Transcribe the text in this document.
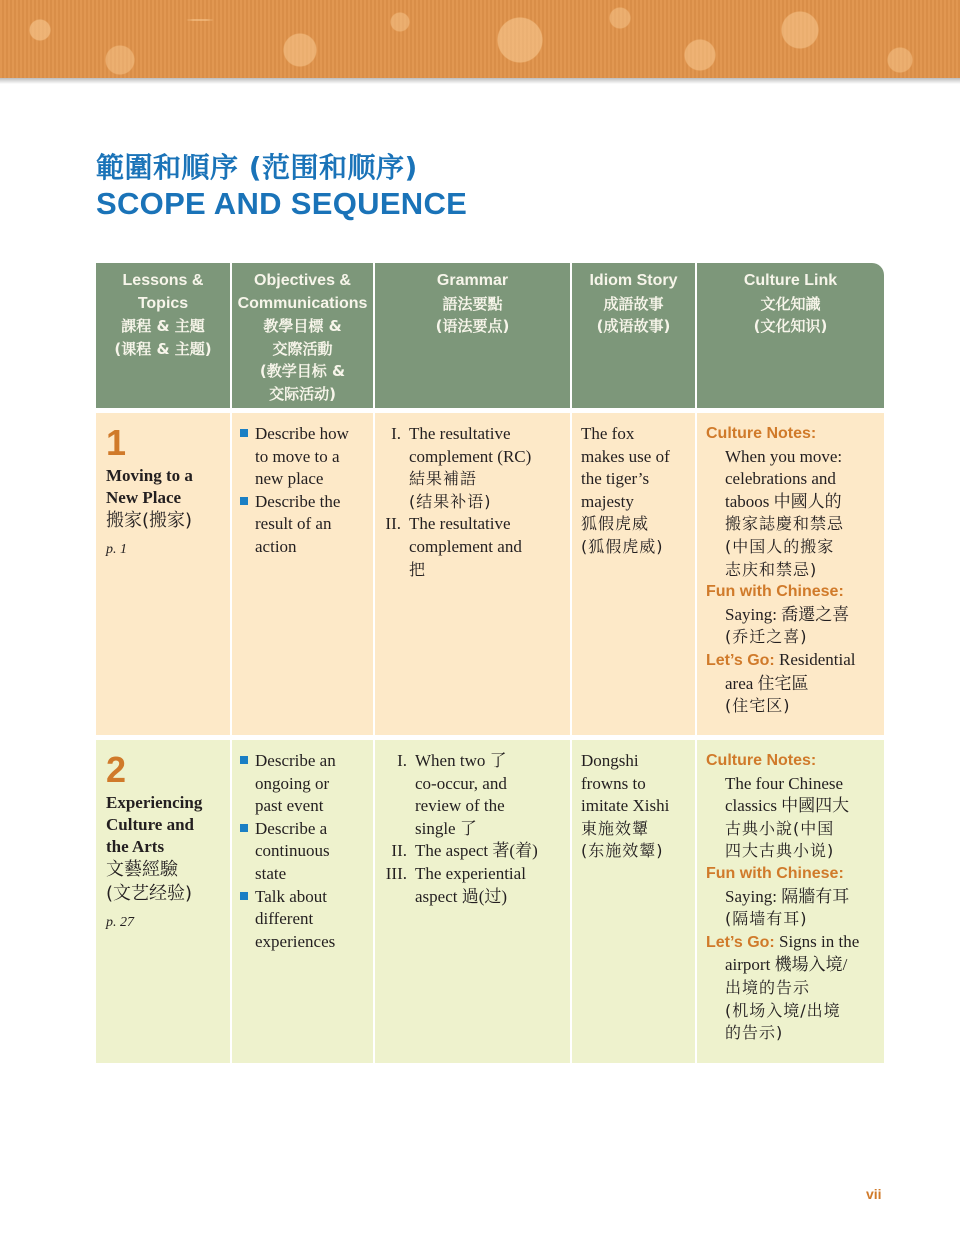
範圍和順序 (范围和顺序)
SCOPE AND SEQUENCE
Lessons &
Topics
課程 & 主題
(课程 & 主题)
Objectives &
Communications
教學目標 &
交際活動
(教学目标 &
交际活动)
Grammar
語法要點
(语法要点)
Idiom Story
成語故事
(成语故事)
Culture Link
文化知識
(文化知识)
1
Moving to a
New Place
搬家(搬家)
p. 1
Describe how
to move to a
new place
Describe the
result of an
action
I. The resultative
complement (RC)
結果補語
(结果补语)
II. The resultative
complement and
把
The fox
makes use of
the tiger’s
majesty
狐假虎威
(狐假虎威)
Culture Notes:
When you move:
celebrations and
taboos 中國人的
搬家誌慶和禁忌
(中国人的搬家
志庆和禁忌)
Fun with Chinese:
Saying: 喬遷之喜
(乔迁之喜)
Let’s Go: Residential
area 住宅區
(住宅区)
2
Experiencing
Culture and
the Arts
文藝經驗
(文艺经验)
p. 27
Describe an
ongoing or
past event
Describe a
continuous
state
Talk about
different
experiences
I. When two 了
co-occur, and
review of the
single 了
II. The aspect 著(着)
III. The experiential
aspect 過(过)
Dongshi
frowns to
imitate Xishi
東施效顰
(东施效颦)
Culture Notes:
The four Chinese
classics 中國四大
古典小說(中国
四大古典小说)
Fun with Chinese:
Saying: 隔牆有耳
(隔墙有耳)
Let’s Go: Signs in the
airport 機場入境/
出境的告示
(机场入境/出境
的告示)
vii
